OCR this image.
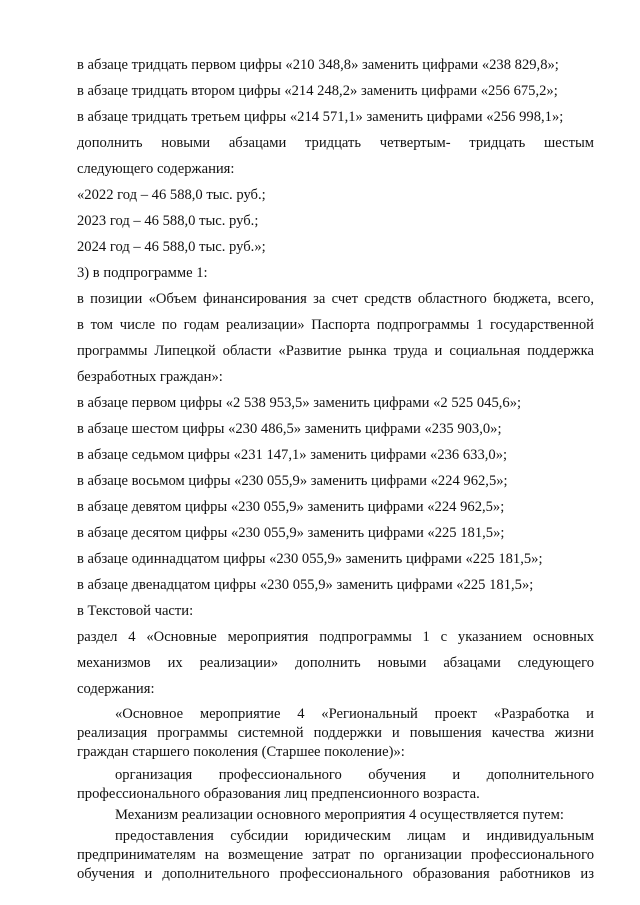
в абзаце тридцать первом цифры «210 348,8» заменить цифрами «238 829,8»;
в абзаце тридцать втором цифры «214 248,2» заменить цифрами «256 675,2»;
в абзаце тридцать третьем цифры «214 571,1» заменить цифрами «256 998,1»;
дополнить новыми абзацами тридцать четвертым- тридцать шестым
следующего содержания:
«2022 год – 46 588,0 тыс. руб.;
2023 год – 46 588,0 тыс. руб.;
2024 год – 46 588,0 тыс. руб.»;
3) в подпрограмме 1:
в позиции «Объем финансирования за счет средств областного бюджета, всего,
в том числе по годам реализации» Паспорта подпрограммы 1 государственной
программы Липецкой области «Развитие рынка труда и социальная поддержка
безработных граждан»:
в абзаце первом цифры «2 538 953,5» заменить цифрами «2 525 045,6»;
в абзаце шестом цифры «230 486,5» заменить цифрами «235 903,0»;
в абзаце седьмом цифры «231 147,1» заменить цифрами «236 633,0»;
в абзаце восьмом цифры «230 055,9» заменить цифрами «224 962,5»;
в абзаце девятом цифры «230 055,9» заменить цифрами «224 962,5»;
в абзаце десятом цифры «230 055,9» заменить цифрами «225 181,5»;
в абзаце одиннадцатом цифры «230 055,9» заменить цифрами «225 181,5»;
в абзаце двенадцатом цифры «230 055,9» заменить цифрами «225 181,5»;
в Текстовой части:
раздел 4 «Основные мероприятия подпрограммы 1 с указанием основных
механизмов их реализации» дополнить новыми абзацами следующего
содержания:
«Основное мероприятие 4 «Региональный проект «Разработка и
реализация программы системной поддержки и повышения качества жизни
граждан старшего поколения (Старшее поколение)»:
организация профессионального обучения и дополнительного
профессионального образования лиц предпенсионного возраста.
Механизм реализации основного мероприятия 4 осуществляется путем:
предоставления субсидии юридическим лицам и индивидуальным
предпринимателям на возмещение затрат по организации профессионального
обучения и дополнительного профессионального образования работников из
